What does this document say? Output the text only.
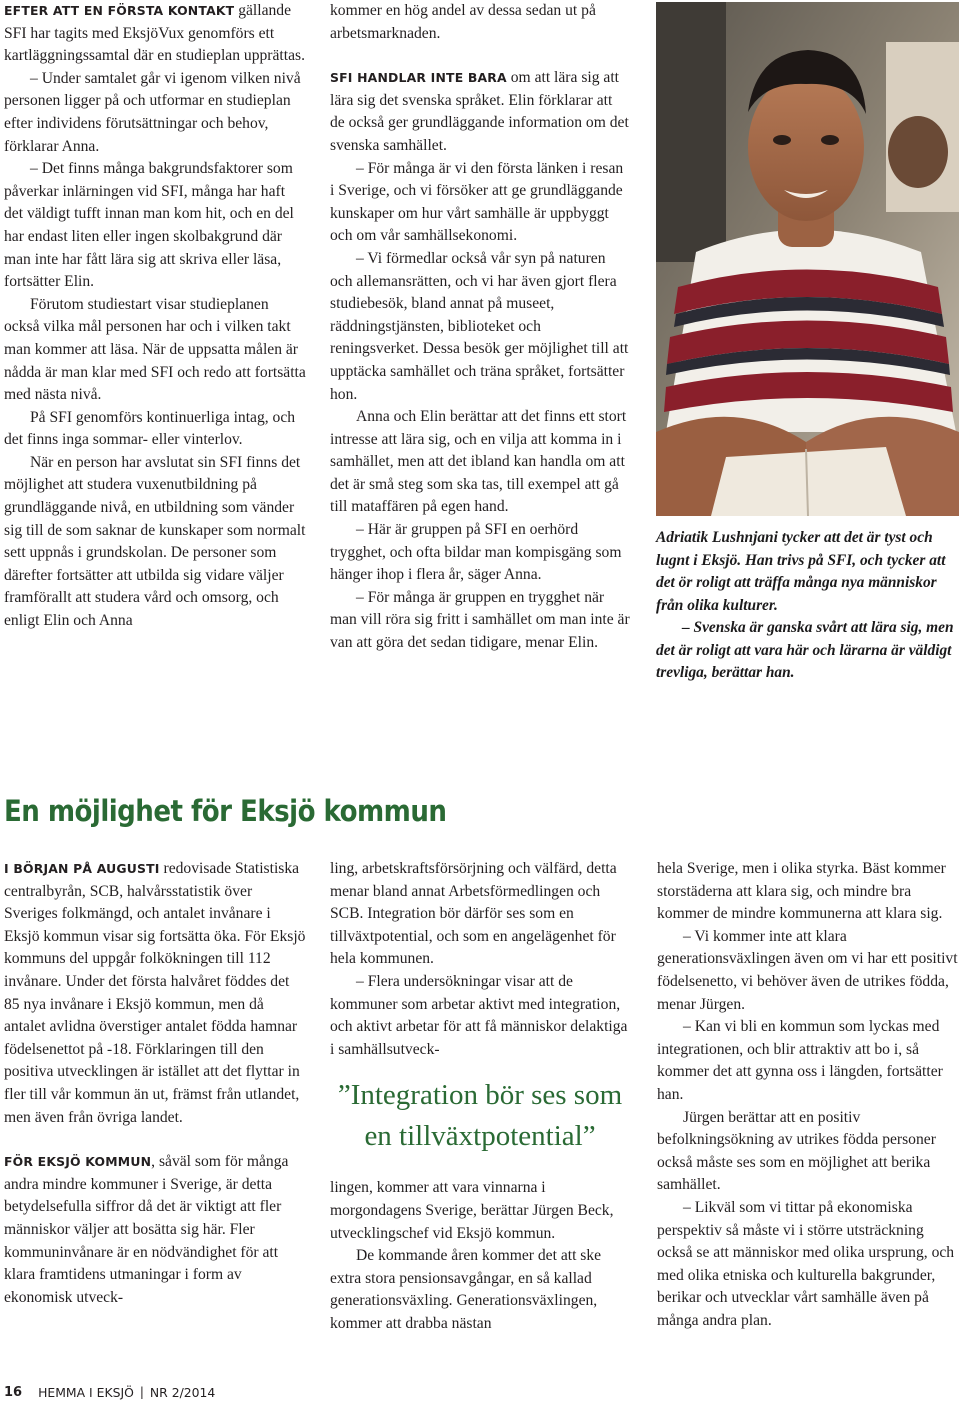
EFTER ATT EN FÖRSTA KONTAKT gällande SFI har tagits med EksjöVux genomförs ett kartläggningssamtal där en studieplan upprättas.

– Under samtalet går vi igenom vilken nivå personen ligger på och utformar en studieplan efter individens förutsättningar och behov, förklarar Anna.

– Det finns många bakgrundsfaktorer som påverkar inlärningen vid SFI, många har haft det väldigt tufft innan man kom hit, och en del har endast liten eller ingen skolbakgrund där man inte har fått lära sig att skriva eller läsa, fortsätter Elin.

Förutom studiestart visar studieplanen också vilka mål personen har och i vilken takt man kommer att läsa. När de uppsatta målen är nådda är man klar med SFI och redo att fortsätta med nästa nivå.

På SFI genomförs kontinuerliga intag, och det finns inga sommar- eller vinterlov.

När en person har avslutat sin SFI finns det möjlighet att studera vuxenutbildning på grundläggande nivå, en utbildning som vänder sig till de som saknar de kunskaper som normalt sett uppnås i grundskolan. De personer som därefter fortsätter att utbilda sig vidare väljer framförallt att studera vård och omsorg, och enligt Elin och Anna

kommer en hög andel av dessa sedan ut på arbetsmarknaden.

SFI HANDLAR INTE BARA om att lära sig att lära sig det svenska språket. Elin förklarar att de också ger grundläggande information om det svenska samhället.

– För många är vi den första länken i resan i Sverige, och vi försöker att ge grundläggande kunskaper om hur vårt samhälle är uppbyggt och om vår samhällsekonomi.

– Vi förmedlar också vår syn på naturen och allemansrätten, och vi har även gjort flera studiebesök, bland annat på museet, räddningstjänsten, biblioteket och reningsverket. Dessa besök ger möjlighet till att upptäcka samhället och träna språket, fortsätter hon.

Anna och Elin berättar att det finns ett stort intresse att lära sig, och en vilja att komma in i samhället, men att det ibland kan handla om att det är små steg som ska tas, till exempel att gå till mataffären på egen hand.

– Här är gruppen på SFI en oerhörd trygghet, och ofta bildar man kompisgäng som hänger ihop i flera år, säger Anna.

– För många är gruppen en trygghet när man vill röra sig fritt i samhället om man inte är van att göra det sedan tidigare, menar Elin.

Adriatik Lushnjani tycker att det är tyst och lugnt i Eksjö. Han trivs på SFI, och tycker att det ör roligt att träffa många nya människor från olika kulturer.

– Svenska är ganska svårt att lära sig, men det är roligt att vara här och lärarna är väldigt trevliga, berättar han.

En möjlighet för Eksjö kommun

I BÖRJAN PÅ AUGUSTI redovisade Statistiska centralbyrån, SCB, halvårsstatistik över Sveriges folkmängd, och antalet invånare i Eksjö kommun visar sig fortsätta öka. För Eksjö kommuns del uppgår folkökningen till 112 invånare. Under det första halvåret föddes det 85 nya invånare i Eksjö kommun, men då antalet avlidna överstiger antalet födda hamnar födelsenettot på -18. Förklaringen till den positiva utvecklingen är istället att det flyttar in fler till vår kommun än ut, främst från utlandet, men även från övriga landet.

FÖR EKSJÖ KOMMUN, såväl som för många andra mindre kommuner i Sverige, är detta betydelsefulla siffror då det är viktigt att fler människor väljer att bosätta sig här. Fler kommuninvånare är en nödvändighet för att klara framtidens utmaningar i form av ekonomisk utveck-

ling, arbetskraftsförsörjning och välfärd, detta menar bland annat Arbetsförmedlingen och SCB. Integration bör därför ses som en tillväxtpotential, och som en angelägenhet för hela kommunen.

– Flera undersökningar visar att de kommuner som arbetar aktivt med integration, och aktivt arbetar för att få människor delaktiga i samhällsutveck-

”Integration bör ses som en tillväxtpotential”

lingen, kommer att vara vinnarna i morgondagens Sverige, berättar Jürgen Beck, utvecklingschef vid Eksjö kommun.

De kommande åren kommer det att ske extra stora pensionsavgångar, en så kallad generationsväxling. Generationsväxlingen, kommer att drabba nästan

hela Sverige, men i olika styrka. Bäst kommer storstäderna att klara sig, och mindre bra kommer de mindre kommunerna att klara sig.

– Vi kommer inte att klara generationsväxlingen även om vi har ett positivt födelsenetto, vi behöver även de utrikes födda, menar Jürgen.

– Kan vi bli en kommun som lyckas med integrationen, och blir attraktiv att bo i, så kommer det att gynna oss i längden, fortsätter han.

Jürgen berättar att en positiv befolkningsökning av utrikes födda personer också måste ses som en möjlighet att berika samhället.

– Likväl som vi tittar på ekonomiska perspektiv så måste vi i större utsträckning också se att människor med olika ursprung, och med olika etniska och kulturella bakgrunder, berikar och utvecklar vårt samhälle även på många andra plan.

16 HEMMA I EKSJÖ | NR 2/2014
